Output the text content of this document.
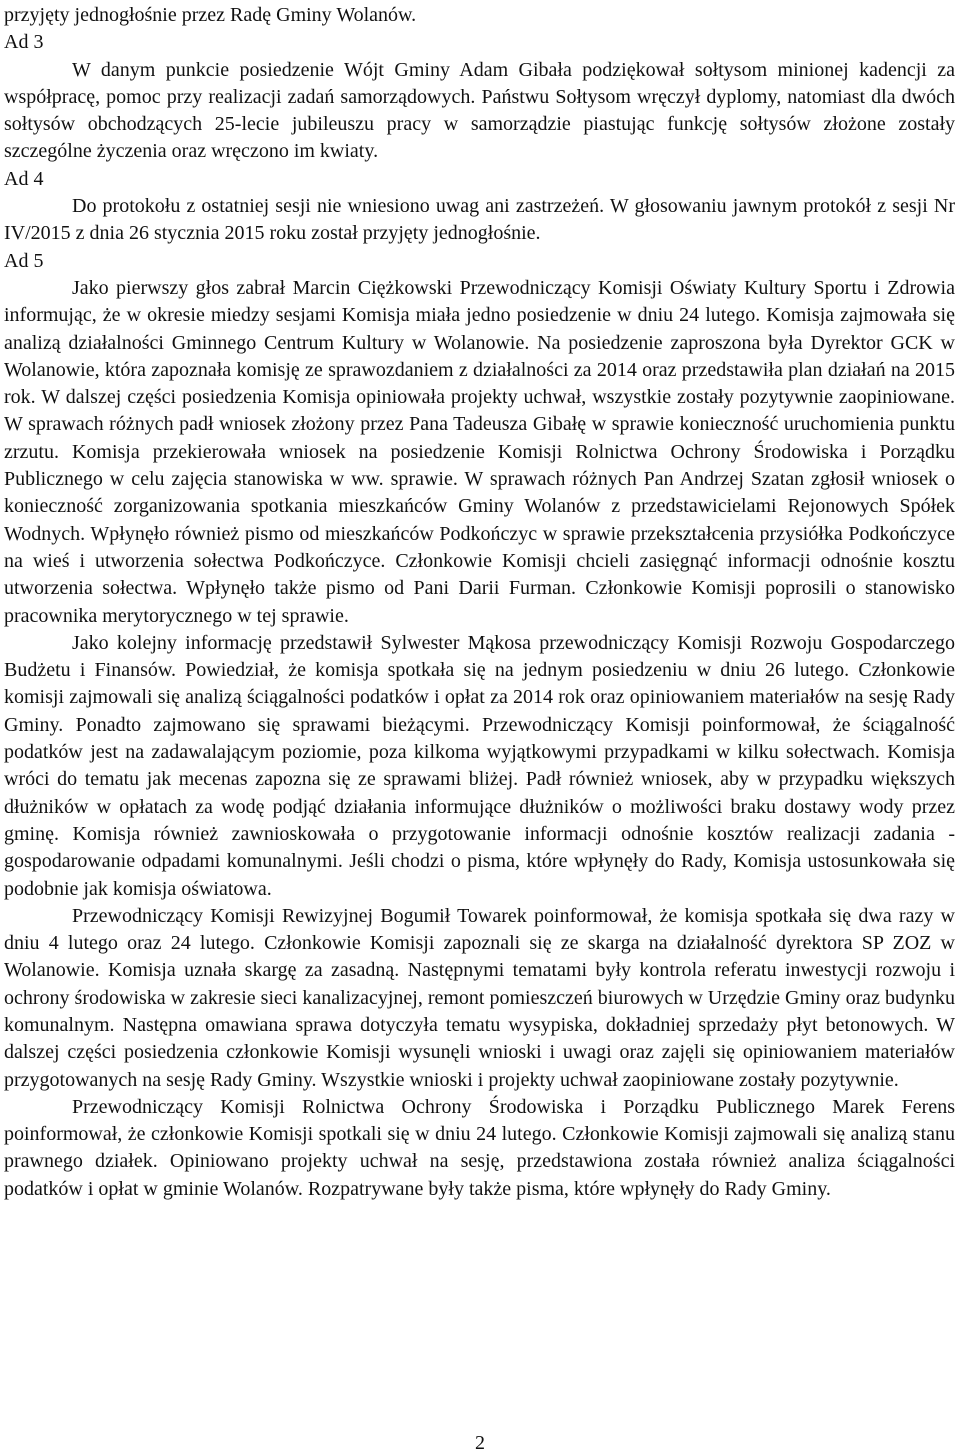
przyjęty jednogłośnie przez Radę Gminy Wolanów.

Ad 3

W danym punkcie posiedzenie Wójt Gminy Adam Gibała podziękował sołtysom minionej kadencji za współpracę, pomoc przy realizacji zadań samorządowych. Państwu Sołtysom wręczył dyplomy, natomiast dla dwóch sołtysów obchodzących 25-lecie jubileuszu pracy w samorządzie piastując funkcję sołtysów złożone zostały szczególne życzenia oraz wręczono im kwiaty.

Ad 4

Do protokołu z ostatniej sesji nie wniesiono uwag ani zastrzeżeń. W głosowaniu jawnym protokół z sesji Nr IV/2015 z dnia 26 stycznia 2015 roku został przyjęty jednogłośnie.

Ad 5

Jako pierwszy głos zabrał Marcin Ciężkowski Przewodniczący Komisji Oświaty Kultury Sportu i Zdrowia informując, że w okresie miedzy sesjami Komisja miała jedno posiedzenie w dniu 24 lutego. Komisja zajmowała się analizą działalności Gminnego Centrum Kultury w Wolanowie. Na posiedzenie zaproszona była Dyrektor GCK w Wolanowie, która zapoznała komisję ze sprawozdaniem z działalności za 2014 oraz przedstawiła plan działań na 2015 rok. W dalszej części posiedzenia Komisja opiniowała projekty uchwał, wszystkie zostały pozytywnie zaopiniowane. W sprawach różnych padł wniosek złożony przez Pana Tadeusza Gibałę w sprawie konieczność uruchomienia punktu zrzutu. Komisja przekierowała wniosek na posiedzenie Komisji Rolnictwa Ochrony Środowiska i Porządku Publicznego w celu zajęcia stanowiska w ww. sprawie. W sprawach różnych Pan Andrzej Szatan zgłosił wniosek o konieczność zorganizowania spotkania mieszkańców Gminy Wolanów z przedstawicielami Rejonowych Spółek Wodnych. Wpłynęło również pismo od mieszkańców Podkończyc w sprawie przekształcenia przysiółka Podkończyce na wieś i utworzenia sołectwa Podkończyce. Członkowie Komisji chcieli zasięgnąć informacji odnośnie kosztu utworzenia sołectwa. Wpłynęło także pismo od Pani Darii Furman. Członkowie Komisji poprosili o stanowisko pracownika merytorycznego w tej sprawie.

Jako kolejny informację przedstawił Sylwester Mąkosa przewodniczący Komisji Rozwoju Gospodarczego Budżetu i Finansów. Powiedział, że komisja spotkała się na jednym posiedzeniu w dniu 26 lutego. Członkowie komisji zajmowali się analizą ściągalności podatków i opłat za 2014 rok oraz opiniowaniem materiałów na sesję Rady Gminy. Ponadto zajmowano się sprawami bieżącymi. Przewodniczący Komisji poinformował, że ściągalność podatków jest na zadawalającym poziomie, poza kilkoma wyjątkowymi przypadkami w kilku sołectwach. Komisja wróci do tematu jak mecenas zapozna się ze sprawami bliżej. Padł również wniosek, aby w przypadku większych dłużników w opłatach za wodę podjąć działania informujące dłużników o możliwości braku dostawy wody przez gminę. Komisja również zawnioskowała o przygotowanie informacji odnośnie kosztów realizacji zadania - gospodarowanie odpadami komunalnymi. Jeśli chodzi o pisma, które wpłynęły do Rady, Komisja ustosunkowała się podobnie jak komisja oświatowa.

Przewodniczący Komisji Rewizyjnej Bogumił Towarek poinformował, że komisja spotkała się dwa razy w dniu 4 lutego oraz 24 lutego. Członkowie Komisji zapoznali się ze skarga na działalność dyrektora SP ZOZ w Wolanowie. Komisja uznała skargę za zasadną. Następnymi tematami były kontrola referatu inwestycji rozwoju i ochrony środowiska w zakresie sieci kanalizacyjnej, remont pomieszczeń biurowych w Urzędzie Gminy oraz budynku komunalnym. Następna omawiana sprawa dotyczyła tematu wysypiska, dokładniej sprzedaży płyt betonowych. W dalszej części posiedzenia członkowie Komisji wysunęli wnioski i uwagi oraz zajęli się opiniowaniem materiałów przygotowanych na sesję Rady Gminy. Wszystkie wnioski i projekty uchwał zaopiniowane zostały pozytywnie.

Przewodniczący Komisji Rolnictwa Ochrony Środowiska i Porządku Publicznego Marek Ferens poinformował, że członkowie Komisji spotkali się w dniu 24 lutego. Członkowie Komisji zajmowali się analizą stanu prawnego działek. Opiniowano projekty uchwał na sesję, przedstawiona została również analiza ściągalności podatków i opłat w gminie Wolanów. Rozpatrywane były także pisma, które wpłynęły do Rady Gminy.

2
